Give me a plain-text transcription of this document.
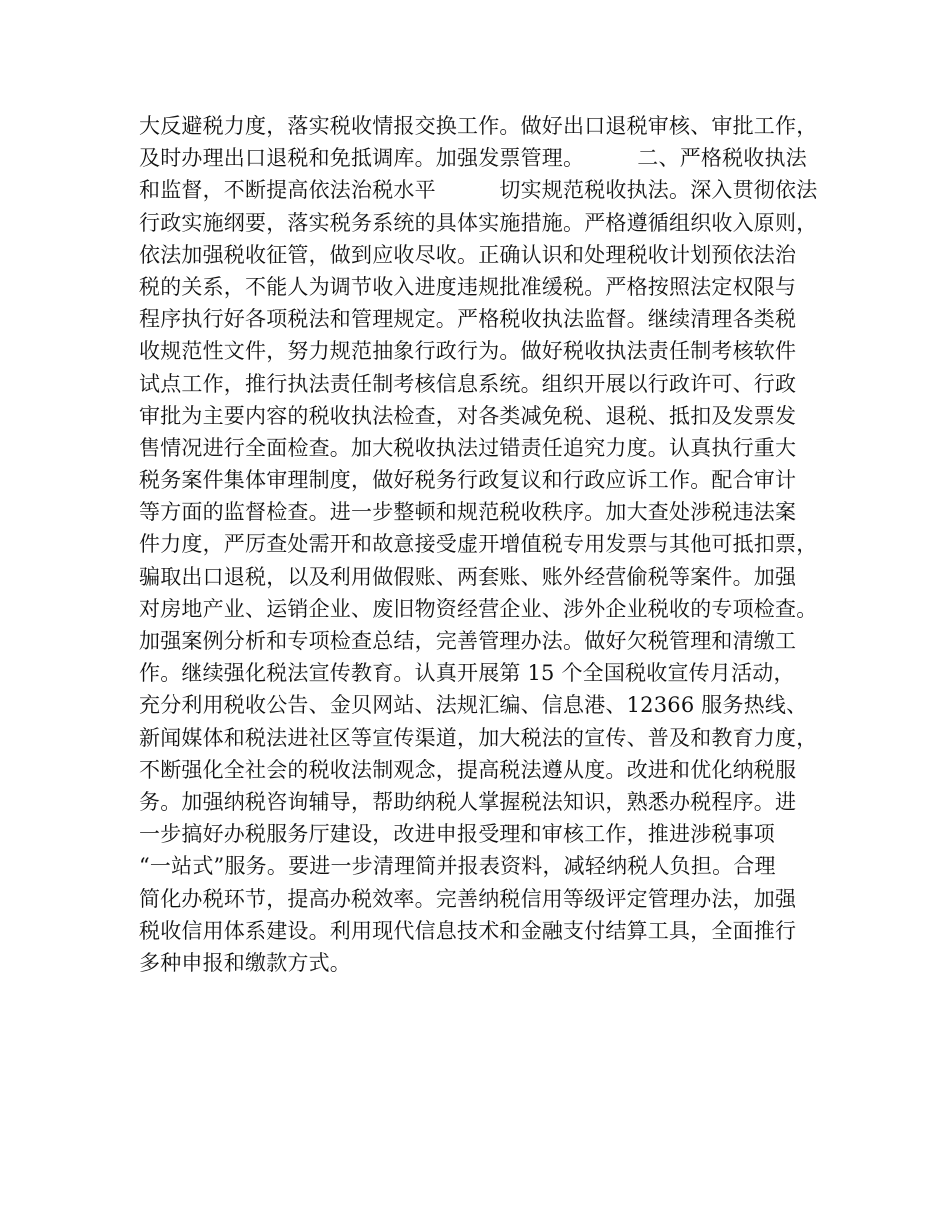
大反避税力度，落实税收情报交换工作。做好出口退税审核、审批工作，
及时办理出口退税和免抵调库。加强发票管理。　　　二、严格税收执法
和监督，不断提高依法治税水平　　　切实规范税收执法。深入贯彻依法
行政实施纲要，落实税务系统的具体实施措施。严格遵循组织收入原则，
依法加强税收征管，做到应收尽收。正确认识和处理税收计划预依法治
税的关系，不能人为调节收入进度违规批准缓税。严格按照法定权限与
程序执行好各项税法和管理规定。严格税收执法监督。继续清理各类税
收规范性文件，努力规范抽象行政行为。做好税收执法责任制考核软件
试点工作，推行执法责任制考核信息系统。组织开展以行政许可、行政
审批为主要内容的税收执法检查，对各类减免税、退税、抵扣及发票发
售情况进行全面检查。加大税收执法过错责任追究力度。认真执行重大
税务案件集体审理制度，做好税务行政复议和行政应诉工作。配合审计
等方面的监督检查。进一步整顿和规范税收秩序。加大查处涉税违法案
件力度，严厉查处需开和故意接受虚开增值税专用发票与其他可抵扣票，
骗取出口退税，以及利用做假账、两套账、账外经营偷税等案件。加强
对房地产业、运销企业、废旧物资经营企业、涉外企业税收的专项检查。
加强案例分析和专项检查总结，完善管理办法。做好欠税管理和清缴工
作。继续强化税法宣传教育。认真开展第 15 个全国税收宣传月活动，
充分利用税收公告、金贝网站、法规汇编、信息港、12366 服务热线、
新闻媒体和税法进社区等宣传渠道，加大税法的宣传、普及和教育力度，
不断强化全社会的税收法制观念，提高税法遵从度。改进和优化纳税服
务。加强纳税咨询辅导，帮助纳税人掌握税法知识，熟悉办税程序。进
一步搞好办税服务厅建设，改进申报受理和审核工作，推进涉税事项
“一站式”服务。要进一步清理简并报表资料，减轻纳税人负担。合理
简化办税环节，提高办税效率。完善纳税信用等级评定管理办法，加强
税收信用体系建设。利用现代信息技术和金融支付结算工具，全面推行
多种申报和缴款方式。
